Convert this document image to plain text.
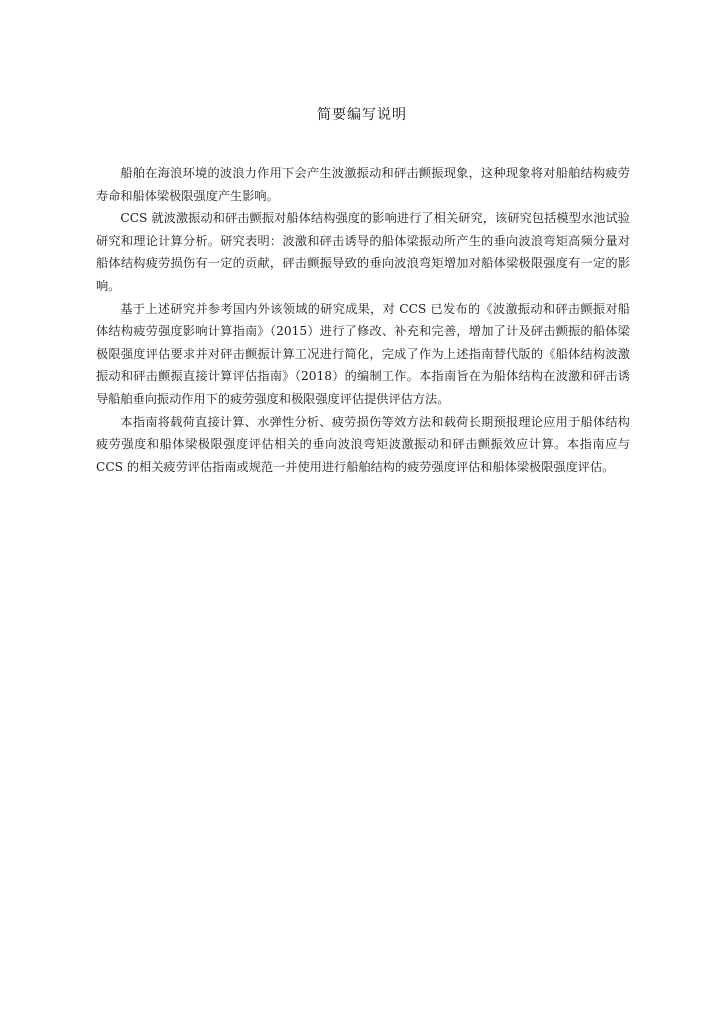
简要编写说明

船舶在海浪环境的波浪力作用下会产生波激振动和砰击颤振现象，这种现象将对船舶结构疲劳寿命和船体梁极限强度产生影响。

CCS 就波激振动和砰击颤振对船体结构强度的影响进行了相关研究，该研究包括模型水池试验研究和理论计算分析。研究表明：波激和砰击诱导的船体梁振动所产生的垂向波浪弯矩高频分量对船体结构疲劳损伤有一定的贡献，砰击颤振导致的垂向波浪弯矩增加对船体梁极限强度有一定的影响。

基于上述研究并参考国内外该领域的研究成果，对 CCS 已发布的《波激振动和砰击颤振对船体结构疲劳强度影响计算指南》（2015）进行了修改、补充和完善，增加了计及砰击颤振的船体梁极限强度评估要求并对砰击颤振计算工况进行简化，完成了作为上述指南替代版的《船体结构波激振动和砰击颤振直接计算评估指南》（2018）的编制工作。本指南旨在为船体结构在波激和砰击诱导船舶垂向振动作用下的疲劳强度和极限强度评估提供评估方法。

本指南将载荷直接计算、水弹性分析、疲劳损伤等效方法和载荷长期预报理论应用于船体结构疲劳强度和船体梁极限强度评估相关的垂向波浪弯矩波激振动和砰击颤振效应计算。本指南应与 CCS 的相关疲劳评估指南或规范一并使用进行船舶结构的疲劳强度评估和船体梁极限强度评估。
